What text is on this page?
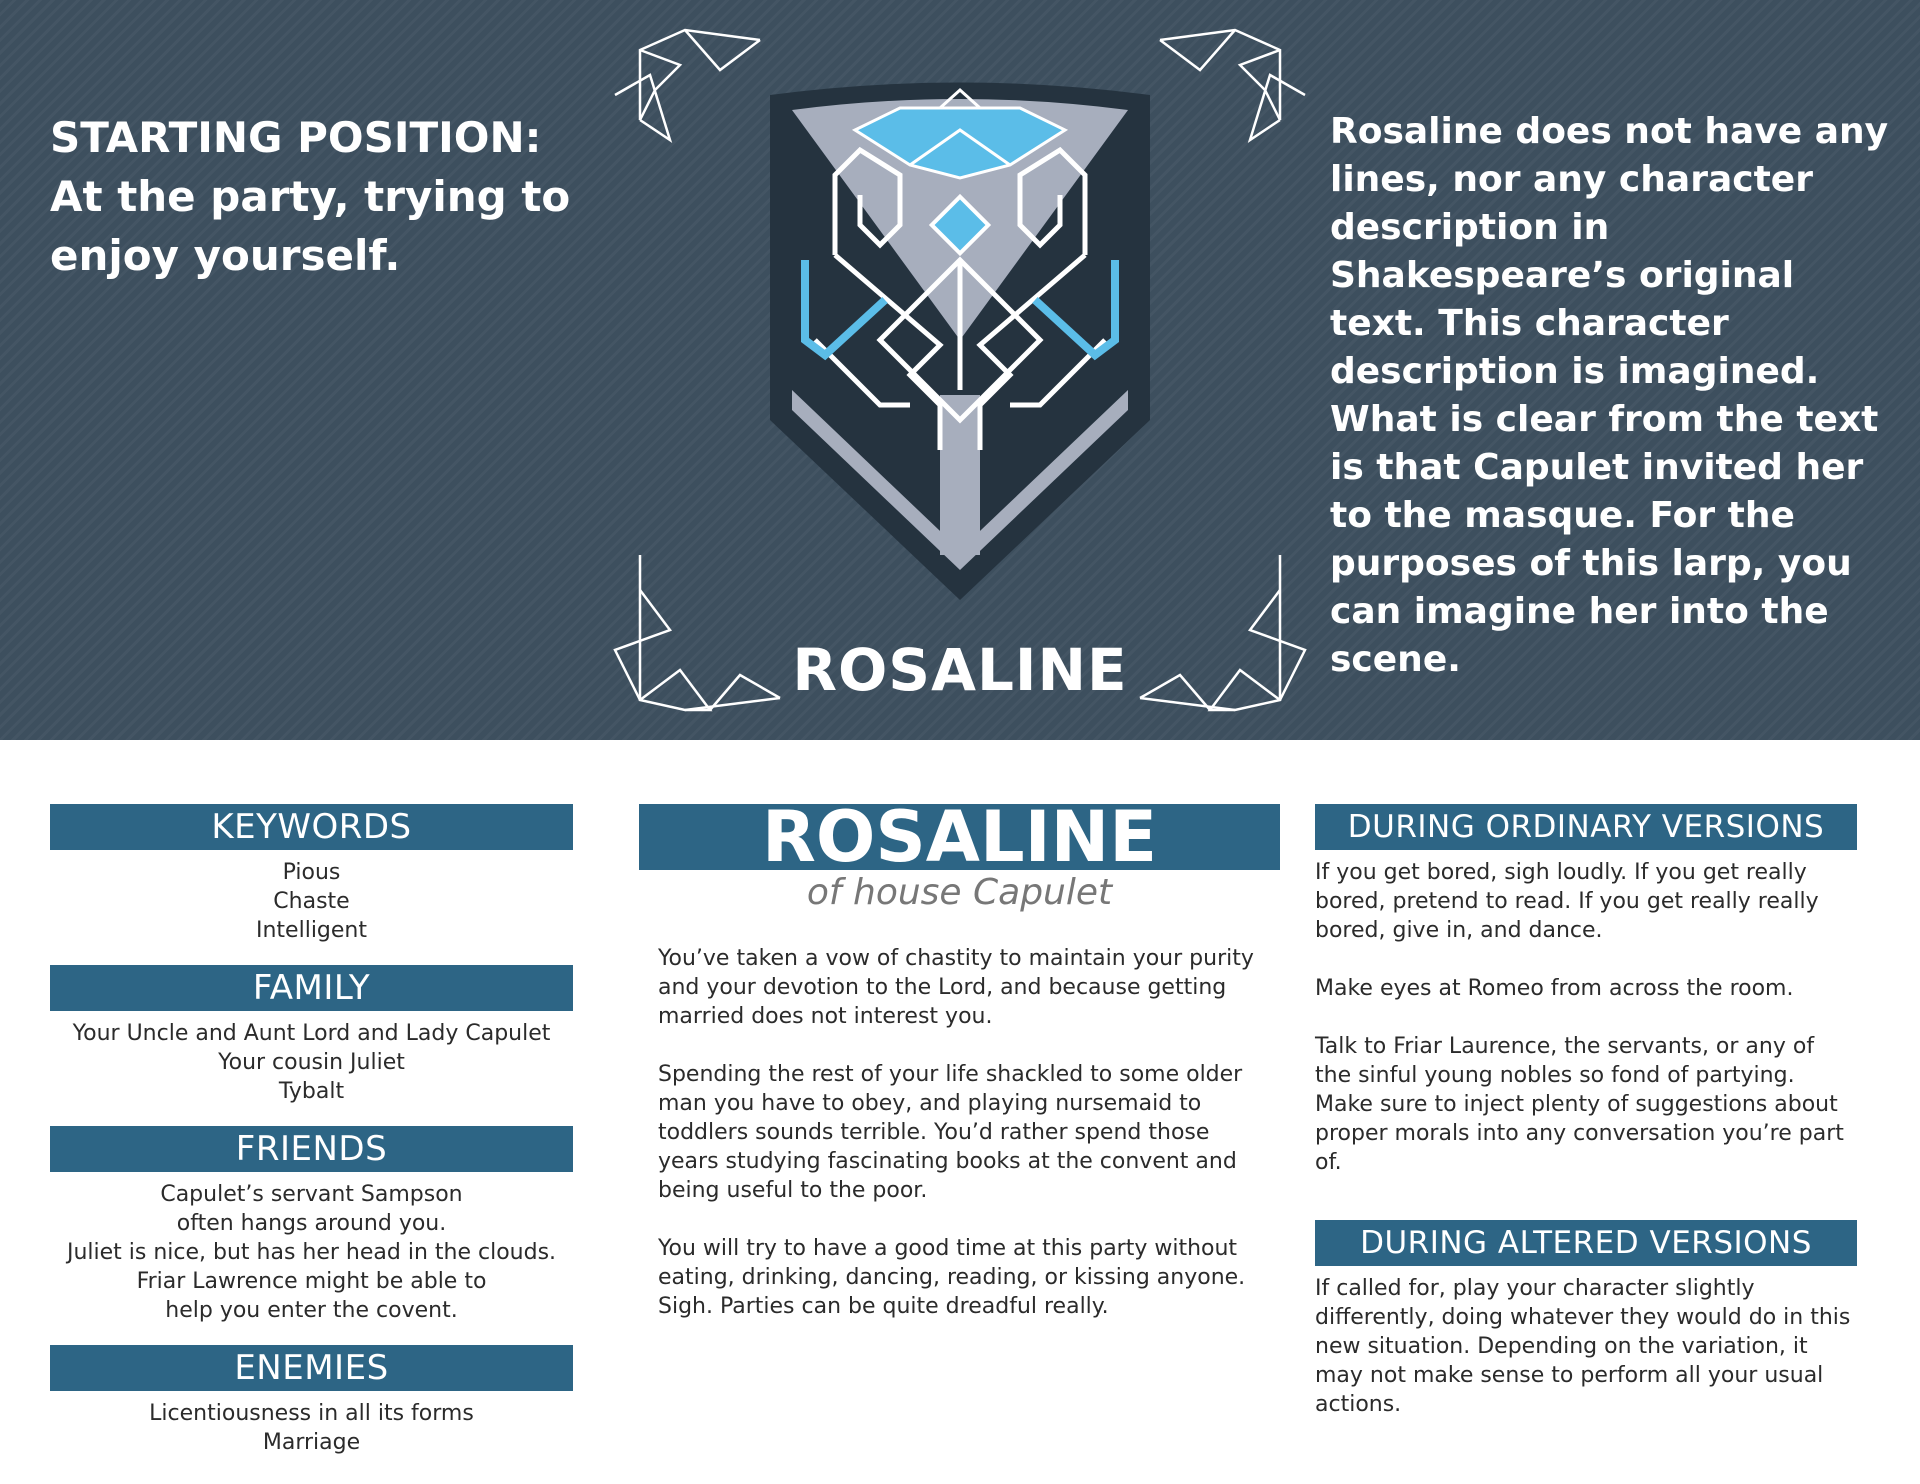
STARTING POSITION:
At the party, trying to enjoy yourself.
ROSALINE
Rosaline does not have any lines, nor any character description in Shakespeare’s original text. This character description is imagined. What is clear from the text is that Capulet invited her to the masque. For the purposes of this larp, you can imagine her into the scene.
KEYWORDS
Pious
Chaste
Intelligent
FAMILY
Your Uncle and Aunt Lord and Lady Capulet
Your cousin Juliet
Tybalt
FRIENDS
Capulet’s servant Sampson
often hangs around you.
Juliet is nice, but has her head in the clouds.
Friar Lawrence might be able to
help you enter the covent.
ENEMIES
Licentiousness in all its forms
Marriage
ROSALINE
of house Capulet

You’ve taken a vow of chastity to maintain your purity and your devotion to the Lord, and because getting married does not interest you.

Spending the rest of your life shackled to some older man you have to obey, and playing nursemaid to toddlers sounds terrible. You’d rather spend those years studying fascinating books at the convent and being useful to the poor.

You will try to have a good time at this party without eating, drinking, dancing, reading, or kissing anyone. Sigh. Parties can be quite dreadful really.

DURING ORDINARY VERSIONS

If you get bored, sigh loudly. If you get really bored, pretend to read. If you get really really bored, give in, and dance.

Make eyes at Romeo from across the room.

Talk to Friar Laurence, the servants, or any of the sinful young nobles so fond of partying. Make sure to inject plenty of suggestions about proper morals into any conversation you’re part of.

DURING ALTERED VERSIONS

If called for, play your character slightly differently, doing whatever they would do in this new situation. Depending on the variation, it may not make sense to perform all your usual actions.
